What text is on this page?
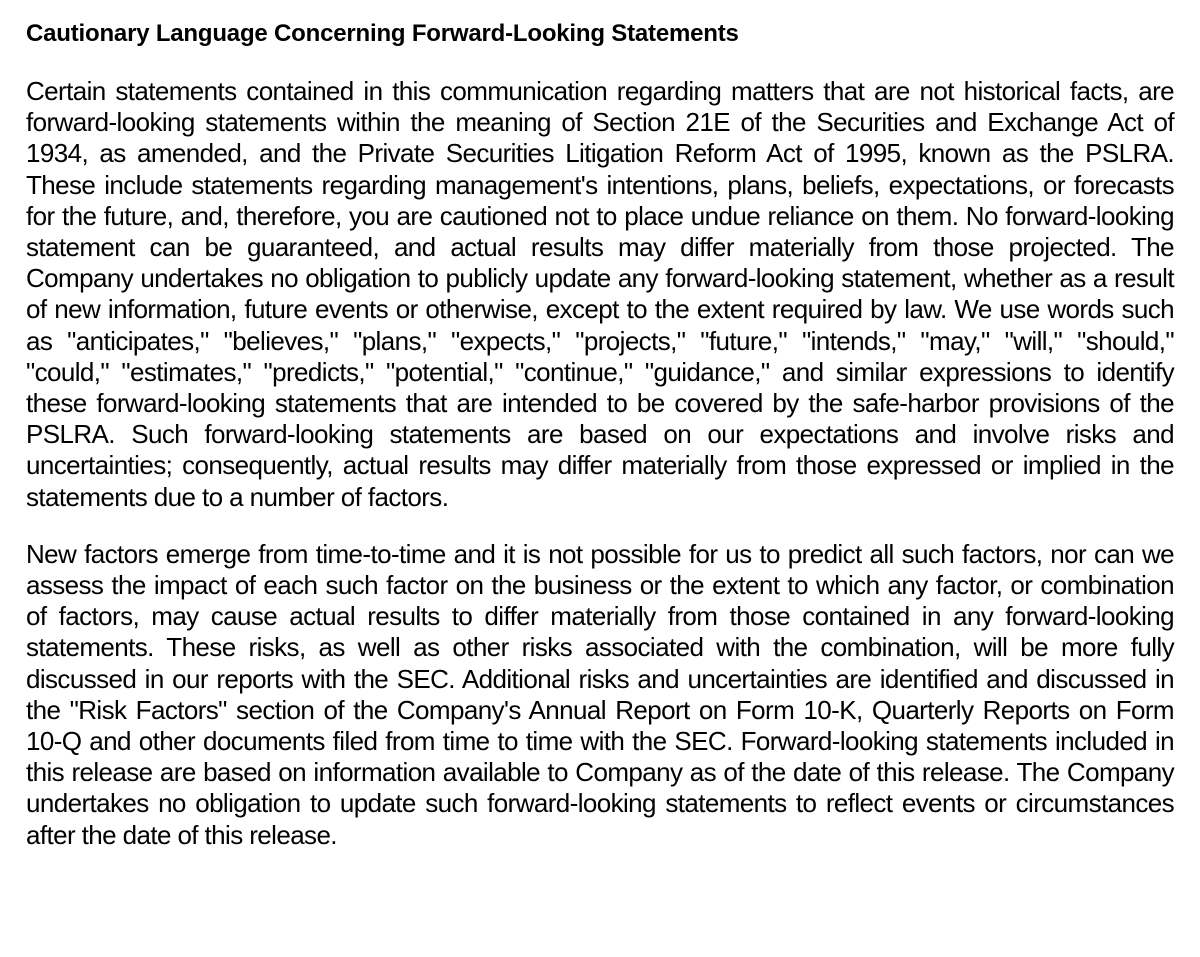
Cautionary Language Concerning Forward-Looking Statements

Certain statements contained in this communication regarding matters that are not historical facts, are forward-looking statements within the meaning of Section 21E of the Securities and Exchange Act of 1934, as amended, and the Private Securities Litigation Reform Act of 1995, known as the PSLRA. These include statements regarding management's intentions, plans, beliefs, expectations, or forecasts for the future, and, therefore, you are cautioned not to place undue reliance on them. No forward-looking statement can be guaranteed, and actual results may differ materially from those projected. The Company undertakes no obligation to publicly update any forward-looking statement, whether as a result of new information, future events or otherwise, except to the extent required by law. We use words such as "anticipates," "believes," "plans," "expects," "projects," "future," "intends," "may," "will," "should," "could," "estimates," "predicts," "potential," "continue," "guidance," and similar expressions to identify these forward-looking statements that are intended to be covered by the safe-harbor provisions of the PSLRA. Such forward-looking statements are based on our expectations and involve risks and uncertainties; consequently, actual results may differ materially from those expressed or implied in the statements due to a number of factors.

New factors emerge from time-to-time and it is not possible for us to predict all such factors, nor can we assess the impact of each such factor on the business or the extent to which any factor, or combination of factors, may cause actual results to differ materially from those contained in any forward-looking statements. These risks, as well as other risks associated with the combination, will be more fully discussed in our reports with the SEC. Additional risks and uncertainties are identified and discussed in the "Risk Factors" section of the Company's Annual Report on Form 10-K, Quarterly Reports on Form 10-Q and other documents filed from time to time with the SEC. Forward-looking statements included in this release are based on information available to Company as of the date of this release. The Company undertakes no obligation to update such forward-looking statements to reflect events or circumstances after the date of this release.
